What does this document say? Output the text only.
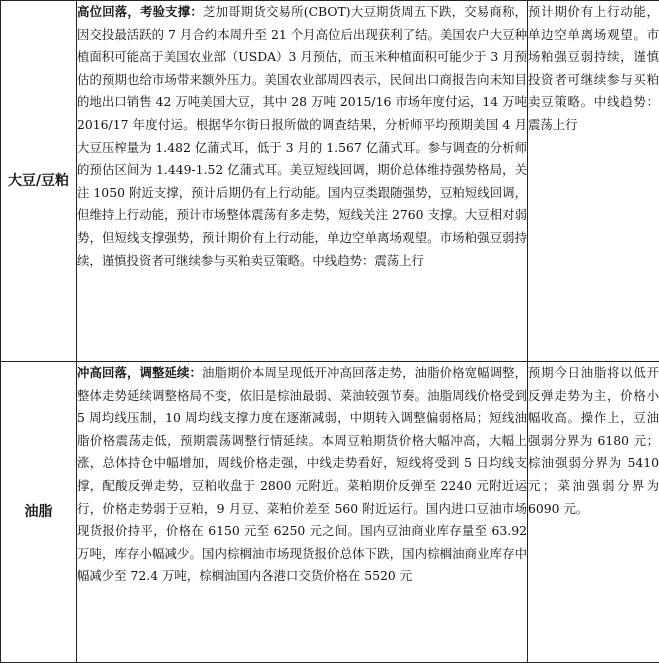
大豆/豆粕	高位回落，考验支撑：芝加哥期货交易所(CBOT)大豆期货周五下跌，交易商称，因交投最活跃的 7 月合约本周升至 21 个月高位后出现获利了结。美国农户大豆种植面积可能高于美国农业部（USDA）3 月预估，而玉米种植面积可能少于 3 月预估的预期也给市场带来额外压力。美国农业部周四表示，民间出口商报告向未知目的地出口销售 42 万吨美国大豆，其中 28 万吨 2015/16 市场年度付运，14 万吨 2016/17 年度付运。根据华尔街日报所做的调查结果，分析师平均预期美国 4 月大豆压榨量为 1.482 亿蒲式耳，低于 3 月的 1.567 亿蒲式耳。参与调查的分析师的预估区间为 1.449-1.52 亿蒲式耳。美豆短线回调，期价总体维持强势格局，关注 1050 附近支撑，预计后期仍有上行动能。国内豆类跟随强势，豆粕短线回调，但维持上行动能，预计市场整体震荡有多走势，短线关注 2760 支撑。大豆相对弱势，但短线支撑强势，预计期价有上行动能，单边空单离场观望。市场粕强豆弱持续，谨慎投资者可继续参与买粕卖豆策略。中线趋势：震荡上行	预计期价有上行动能，单边空单离场观望。市场粕强豆弱持续，谨慎投资者可继续参与买粕卖豆策略。中线趋势：震荡上行
油脂	冲高回落，调整延续：油脂期价本周呈现低开冲高回落走势，油脂价格宽幅调整，整体走势延续调整格局不变，依旧是棕油最弱、菜油较强节奏。油脂周线价格受到 5 周均线压制，10 周均线支撑力度在逐渐减弱，中期转入调整偏弱格局；短线油脂价格震荡走低，预期震荡调整行情延续。本周豆粕期货价格大幅冲高，大幅上涨，总体持仓中幅增加，周线价格走强，中线走势看好，短线将受到 5 日均线支撑，配酸反弹走势，豆粕收盘于 2800 元附近。菜粕期价反弹至 2240 元附近运行，价格走势弱于豆粕，9 月豆、菜粕价差至 560 附近运行。国内进口豆油市场现货报价持平，价格在 6150 元至 6250 元之间。国内豆油商业库存量至 63.92 万吨，库存小幅减少。国内棕榈油市场现货报价总体下跌，国内棕榈油商业库存中幅减少至 72.4 万吨，棕榈油国内各港口交货价格在 5520 元	预期今日油脂将以低开反弹走势为主，价格小幅收高。操作上，豆油强弱分界为 6180 元；棕油强弱分界为 5410 元；菜油强弱分界为 6090 元。
